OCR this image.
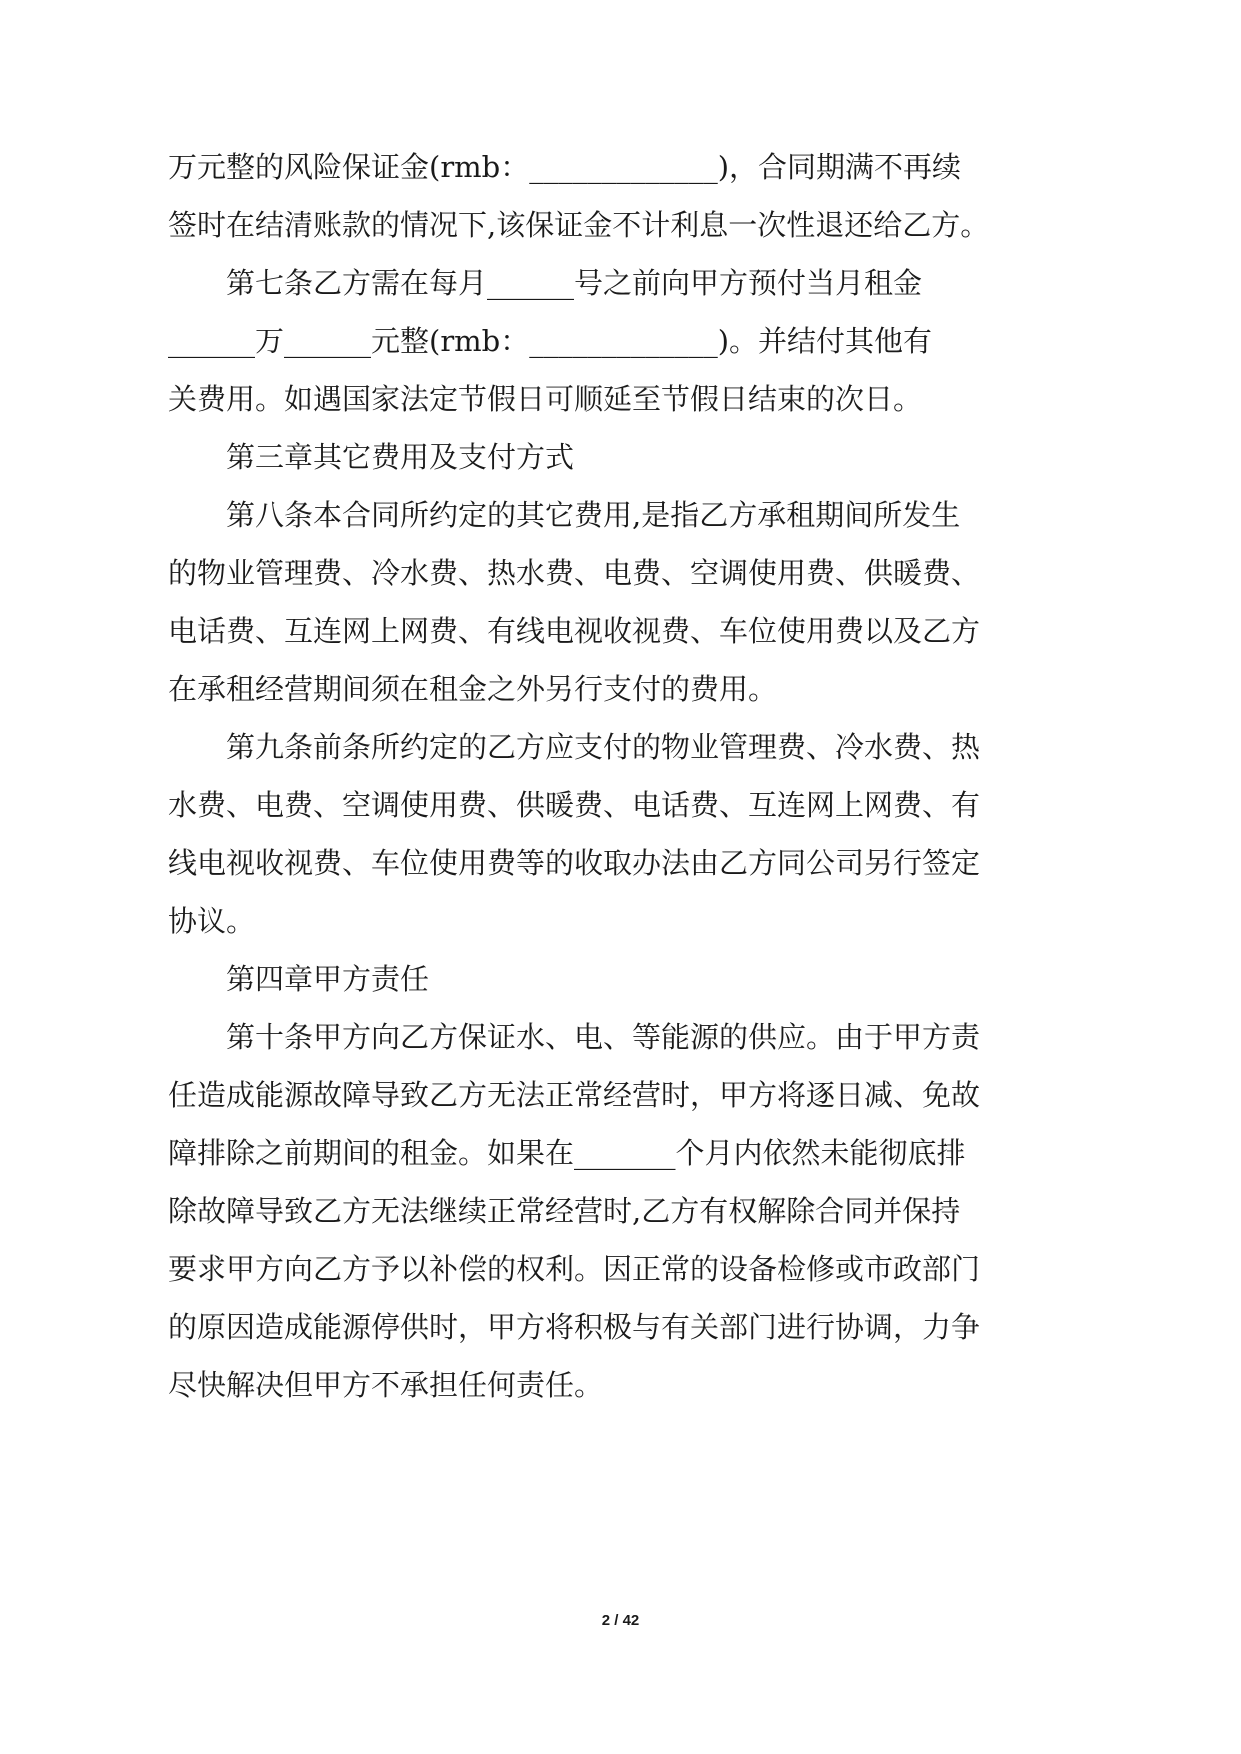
万元整的风险保证金(rmb：_____________)，合同期满不再续
签时在结清账款的情况下,该保证金不计利息一次性退还给乙方。
第七条乙方需在每月______号之前向甲方预付当月租金
______万______元整(rmb：_____________)。并结付其他有
关费用。如遇国家法定节假日可顺延至节假日结束的次日。
第三章其它费用及支付方式
第八条本合同所约定的其它费用,是指乙方承租期间所发生
的物业管理费、冷水费、热水费、电费、空调使用费、供暖费、
电话费、互连网上网费、有线电视收视费、车位使用费以及乙方
在承租经营期间须在租金之外另行支付的费用。
第九条前条所约定的乙方应支付的物业管理费、冷水费、热
水费、电费、空调使用费、供暖费、电话费、互连网上网费、有
线电视收视费、车位使用费等的收取办法由乙方同公司另行签定
协议。
第四章甲方责任
第十条甲方向乙方保证水、电、等能源的供应。由于甲方责
任造成能源故障导致乙方无法正常经营时，甲方将逐日减、免故
障排除之前期间的租金。如果在_______个月内依然未能彻底排
除故障导致乙方无法继续正常经营时,乙方有权解除合同并保持
要求甲方向乙方予以补偿的权利。因正常的设备检修或市政部门
的原因造成能源停供时，甲方将积极与有关部门进行协调，力争
尽快解决但甲方不承担任何责任。
2 / 42
